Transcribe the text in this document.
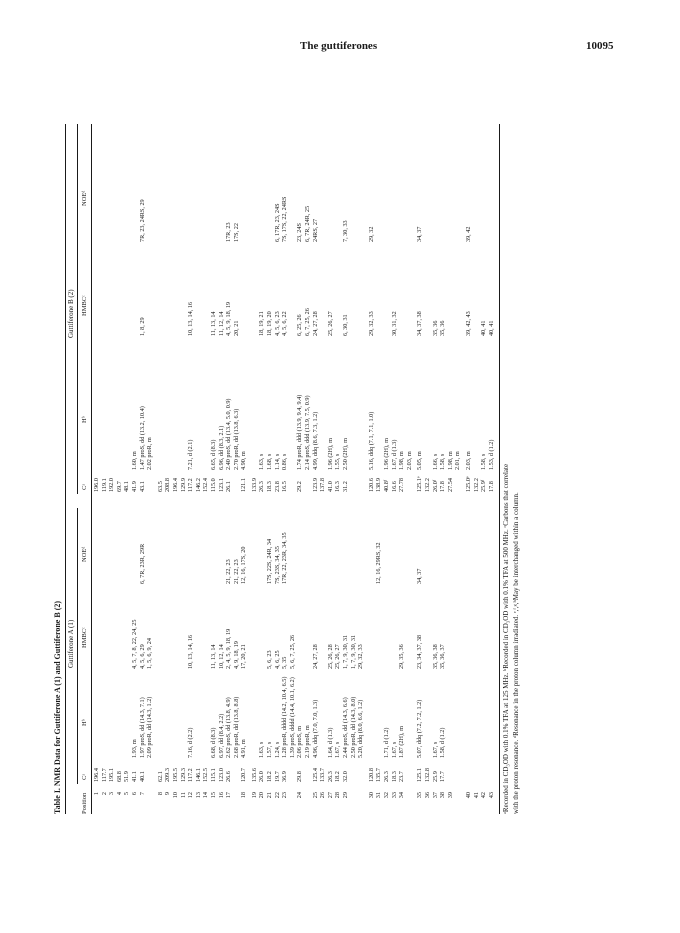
The guttiferones	10095
Table I. NMR Data for Guttiferone A (1) and Guttiferone B (2) Guttiferone A (1)
Guttiferone B (2)
Position
Cᵃ
Hᵇ
HMBCᶜ
NOEᵈ
Cᵃ
Hᵇ
HMBCᶜ
NOEᵈ
1
196.4
196.0
2
117.7
119.1
3
195.1
192.0
4
68.8
69.7
5
51.9
48.1
6
41.1
1.93, m
4, 5, 7, 8, 22, 24, 25
41.9
1.60, m
7
40.1
1.97 proS, dd (14.3, 7.1)
4, 5, 6, 29
6, 7R, 23R, 29R
43.1
1.47 proS, dd (13.2, 10.4)
1, 8, 29
7R, 23, 24RS, 29
2.09 proR, dd (14.3, 1.2)
1, 5, 6, 9, 24
2.02 proR, m
8
62.1
63.5
9
209.3
208.8
10
195.5
196.4
11
129.3
129.9
12
117.2
7.16, d (2.2)
10, 13, 14, 16
117.2
7.21, d (2.1)
10, 13, 14, 16
13
146.1
146.2
14
152.5
152.4
15
115.1
6.68, d (8.3)
11, 13, 14
115.0
6.65, d (8.3)
11, 13, 14
16
123.0
6.97, dd (8.4, 2.2)
10, 12, 14
123.1
6.96, dd (8.3, 2.1)
11, 12, 14
17
26.6
2.62 proS, dd (13.8, 4.9)
2, 4, 5, 9, 18, 19
21, 22, 23
26.1
2.40 proS, dd (13.4, 5.0, 0.9)
4, 5, 9, 18, 19
17R, 23
2.68 proR, dd (13.8, 8.8)
4, 9, 18, 19
21, 22, 23
2.70 proR, dd (13.8, 6.3)
20, 21
17S, 22
18
120.7
4.91, m
17, 20, 21
12, 16, 17S, 20
121.1
4.90, m
19
135.6
133.9
20
26.0
1.63, s
26.3
1.63, s
18, 19, 21
21
18.2
1.57, s
5, 6, 23
17S, 22S, 24R, 34
18.3
1.68, s
18, 19, 20
22
19.7
1.24, s
4, 6, 25
7S, 23S, 34, 35
23.8
1.14, s
4, 5, 6, 23
6, 17R, 23, 24S
23
36.9
1.28 proR, dddd (14.2, 10.4, 6.5)
5, 35
17R, 22, 23R, 34, 35
16.5
0.86, s
4, 5, 6, 22
7S, 17S, 22, 24RS
1.39 proS, dddd (14.4, 10.1, 6.2)
5, 6, 7, 25, 26
24
29.8
2.06 proS, m
29.2
1.74 proR, ddd (13.9, 9.4, 9.4)
6, 25, 26
23, 24S
2.19 proR, m
2.14 proS, ddd (13.9, 7.5, 0.9)
6, 7, 25, 26
6, 7R, 24R, 25
25
125.4
4.96, ddq (7.0, 7.0, 1.3)
24, 27, 28
123.9
4.99, ddq (8.6, 7.3, 1.2)
24, 27, 28
24RS, 27
26
133.7
137.8
27
26.3
1.64, d (1.3)
25, 26, 28
41.0
1.96 (2H), m
25, 26, 27
28
18.2
1.67, s
25, 26, 27
16.3
1.55, s
29
32.0
2.44 proS, dd (14.3, 6.6)
1, 7, 9, 30, 31
31.2
2.50 (2H), m
6, 30, 31
7, 30, 33
2.50 proR, dd (14.3, 8.0)
1, 7, 9, 30, 31
5.20, ddq (8.0, 6.6, 1.2)
29, 32, 33
30
120.8
120.6
5.16, ddq (7.1, 7.1, 1.0)
29, 32, 33
29, 32
31
135.7
12, 16, 29RS, 32
138.9
32
26.3
1.71, d (1.2)
40.8ᶠ
1.96 (2H), m
33
18.3
1.67, s
16.6
1.67, d (1.3)
30, 31, 32
34
23.7
1.87 (2H), m
29, 35, 36
27.78
1.98, m 2.03, m
35
125.1
5.07, ddq (7.2, 7.2, 1.2)
23, 34, 37, 38
34, 37
125.1ᵉ
5.05, m
34, 37, 38
34, 37
36
132.8
132.2
37
25.9
1.67, s
35, 36, 38
26.0ᶠ
1.66, s
35, 36
38
17.7
1.58, d (1.2)
35, 36, 37
17.8
1.58, s
35, 36
39
27.54
1.98, m 2.01, m
40
125.0ᵉ
2.03, m
39, 42, 43
39, 42
41
132.2
42
25.9ᶠ
1.58, s
40, 41
43
17.8
1.53, d (1.2)
40, 41
ᵃRecorded in CD₃OD with 0.1% TFA at 125 MHz. ᵇRecorded in CD₃OD with 0.1% TFA at 500 MHz. ᶜCarbons that correlate with the proton resonance. ᵈResonance in the proton column irradiated. ᵉ,ᶠ,ᵍ,ʰMay be interchanged within a column.
